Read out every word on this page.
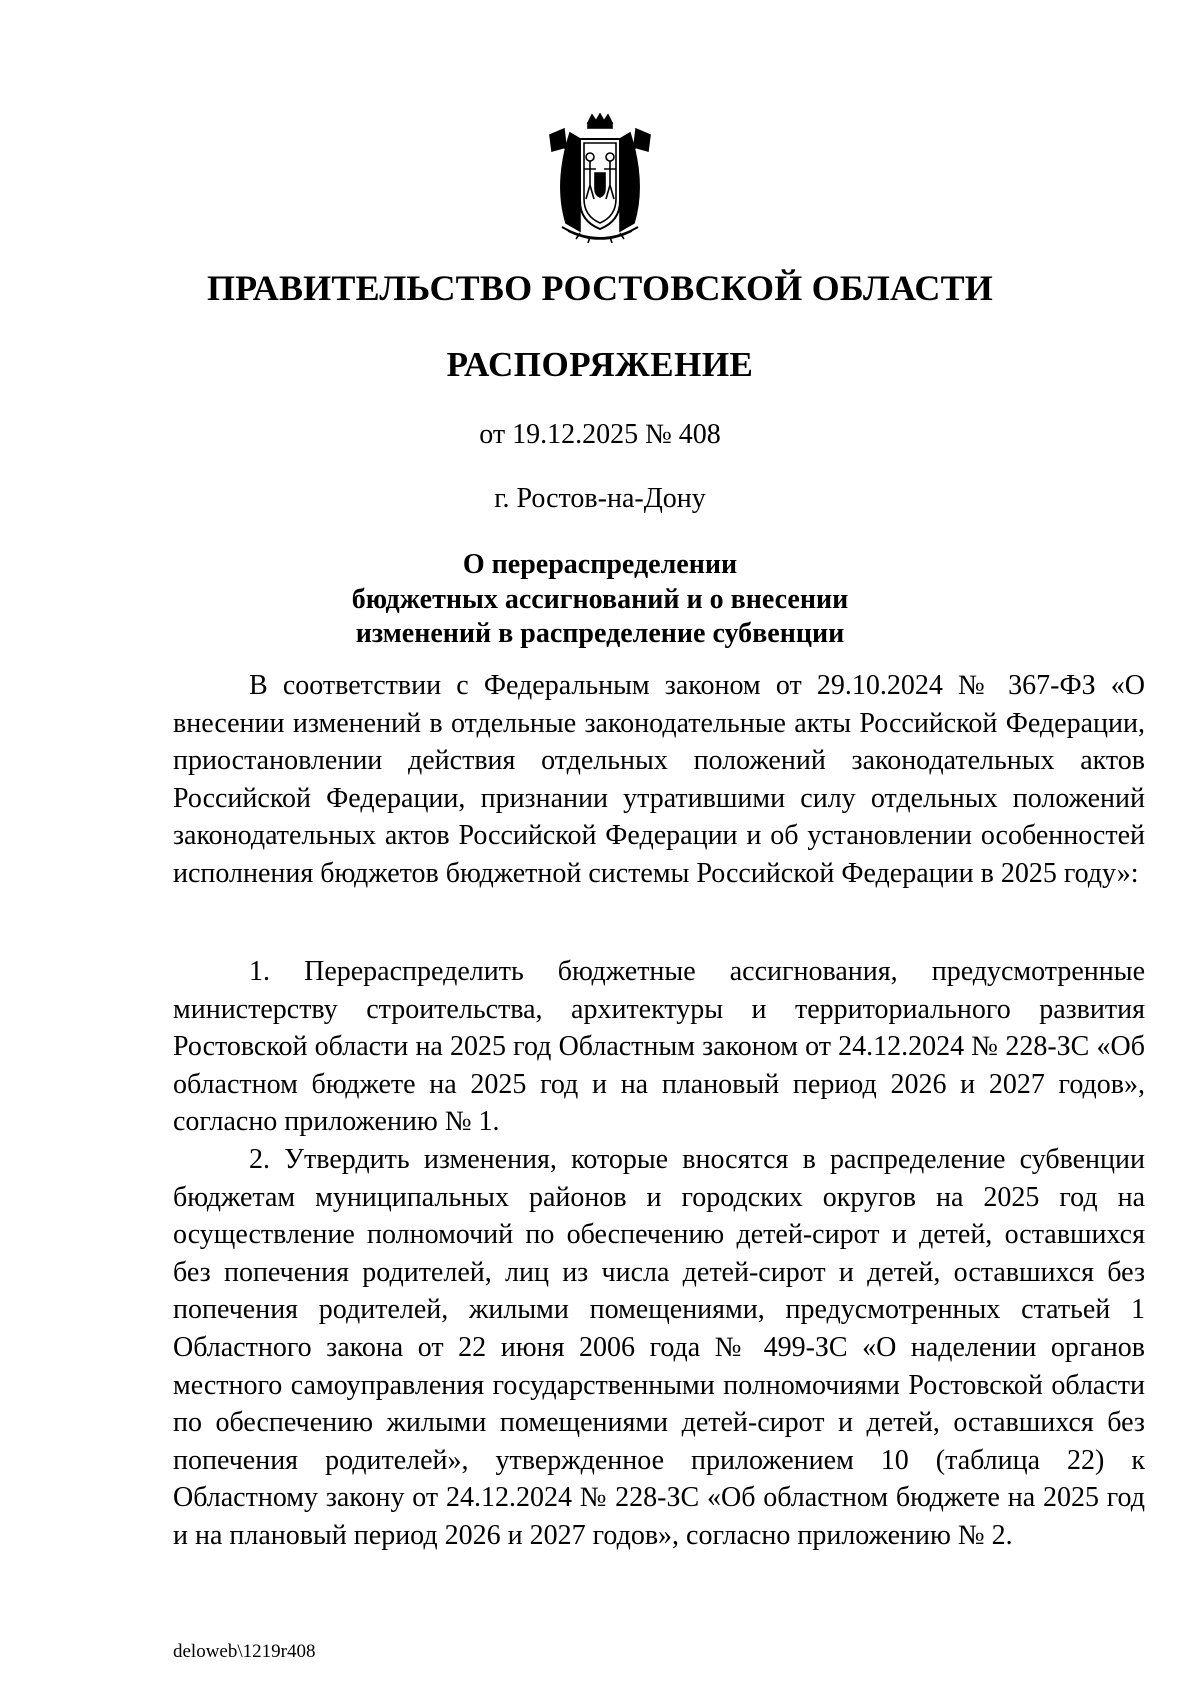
ПРАВИТЕЛЬСТВО РОСТОВСКОЙ ОБЛАСТИ
РАСПОРЯЖЕНИЕ
от 19.12.2025 № 408
г. Ростов-на-Дону
О перераспределении
бюджетных ассигнований и о внесении
изменений в распределение субвенции

В соответствии с Федеральным законом от 29.10.2024 № 367-ФЗ «О внесении изменений в отдельные законодательные акты Российской Федерации, приостановлении действия отдельных положений законодательных актов Российской Федерации, признании утратившими силу отдельных положений законодательных актов Российской Федерации и об установлении особенностей исполнения бюджетов бюджетной системы Российской Федерации в 2025 году»:

1. Перераспределить бюджетные ассигнования, предусмотренные министерству строительства, архитектуры и территориального развития Ростовской области на 2025 год Областным законом от 24.12.2024 № 228-ЗС «Об областном бюджете на 2025 год и на плановый период 2026 и 2027 годов», согласно приложению № 1.

2. Утвердить изменения, которые вносятся в распределение субвенции бюджетам муниципальных районов и городских округов на 2025 год на осуществление полномочий по обеспечению детей-сирот и детей, оставшихся без попечения родителей, лиц из числа детей-сирот и детей, оставшихся без попечения родителей, жилыми помещениями, предусмотренных статьей 1 Областного закона от 22 июня 2006 года № 499-ЗС «О наделении органов местного самоуправления государственными полномочиями Ростовской области по обеспечению жилыми помещениями детей-сирот и детей, оставшихся без попечения родителей», утвержденное приложением 10 (таблица 22) к Областному закону от 24.12.2024 № 228-ЗС «Об областном бюджете на 2025 год и на плановый период 2026 и 2027 годов», согласно приложению № 2.

deloweb\1219r408
